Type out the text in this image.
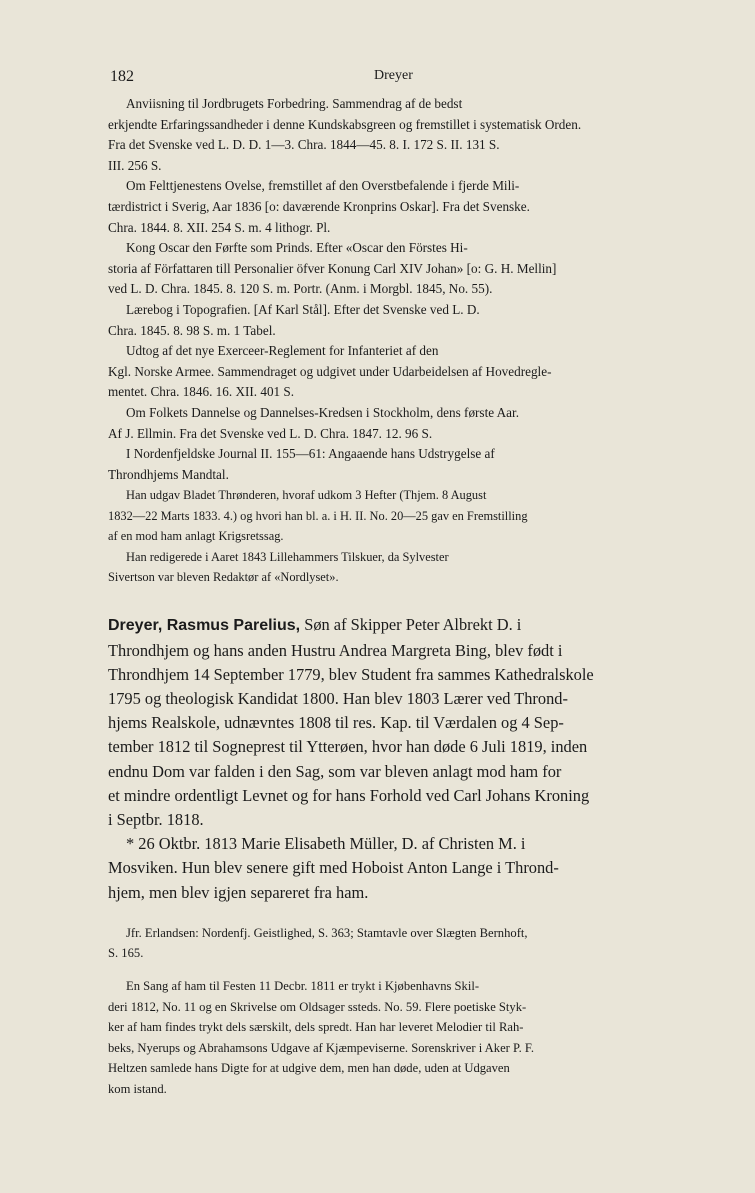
182	Dreyer

Anviisning til Jordbrugets Forbedring. Sammendrag af de bedst
erkjendte Erfaringssandheder i denne Kundskabsgreen og fremstillet i systematisk Orden.
Fra det Svenske ved L. D. D. 1—3. Chra. 1844—45. 8. I. 172 S. II. 131 S.
III. 256 S.

Om Felttjenestens Ovelse, fremstillet af den Overstbefalende i fjerde Mili-
tærdistrict i Sverig, Aar 1836 [o: daværende Kronprins Oskar]. Fra det Svenske.
Chra. 1844. 8. XII. 254 S. m. 4 lithogr. Pl.

Kong Oscar den Førfte som Prinds. Efter «Oscar den Förstes Hi-
storia af Författaren till Personalier öfver Konung Carl XIV Johan» [o: G. H. Mellin]
ved L. D. Chra. 1845. 8. 120 S. m. Portr. (Anm. i Morgbl. 1845, No. 55).

Lærebog i Topografien. [Af Karl Stål]. Efter det Svenske ved L. D.
Chra. 1845. 8. 98 S. m. 1 Tabel.

Udtog af det nye Exerceer-Reglement for Infanteriet af den
Kgl. Norske Armee. Sammendraget og udgivet under Udarbeidelsen af Hovedregle-
mentet. Chra. 1846. 16. XII. 401 S.

Om Folkets Dannelse og Dannelses-Kredsen i Stockholm, dens første Aar.
Af J. Ellmin. Fra det Svenske ved L. D. Chra. 1847. 12. 96 S.

I Nordenfjeldske Journal II. 155—61: Angaaende hans Udstrygelse af
Throndhjems Mandtal.

Han udgav Bladet Thrønderen, hvoraf udkom 3 Hefter (Thjem. 8 August
1832—22 Marts 1833. 4.) og hvori han bl. a. i H. II. No. 20—25 gav en Fremstilling
af en mod ham anlagt Krigsretssag.

Han redigerede i Aaret 1843 Lillehammers Tilskuer, da Sylvester
Sivertson var bleven Redaktør af «Nordlyset».

Dreyer, Rasmus Parelius, Søn af Skipper Peter Albrekt D. i
Throndhjem og hans anden Hustru Andrea Margreta Bing, blev født i
Throndhjem 14 September 1779, blev Student fra sammes Kathedralskole
1795 og theologisk Kandidat 1800. Han blev 1803 Lærer ved Thrond-
hjems Realskole, udnævntes 1808 til res. Kap. til Værdalen og 4 Sep-
tember 1812 til Sogneprest til Ytterøen, hvor han døde 6 Juli 1819, inden
endnu Dom var falden i den Sag, som var bleven anlagt mod ham for
et mindre ordentligt Levnet og for hans Forhold ved Carl Johans Kroning
i Septbr. 1818.
* 26 Oktbr. 1813 Marie Elisabeth Müller, D. af Christen M. i
Mosviken. Hun blev senere gift med Hoboist Anton Lange i Thrond-
hjem, men blev igjen separeret fra ham.
Jfr. Erlandsen: Nordenfj. Geistlighed, S. 363; Stamtavle over Slægten Bernhoft,
S. 165.
En Sang af ham til Festen 11 Decbr. 1811 er trykt i Kjøbenhavns Skil-
deri 1812, No. 11 og en Skrivelse om Oldsager ssteds. No. 59. Flere poetiske Styk-
ker af ham findes trykt dels særskilt, dels spredt. Han har leveret Melodier til Rah-
beks, Nyerups og Abrahamsons Udgave af Kjæmpeviserne. Sorenskriver i Aker P. F.
Heltzen samlede hans Digte for at udgive dem, men han døde, uden at Udgaven
kom istand.
